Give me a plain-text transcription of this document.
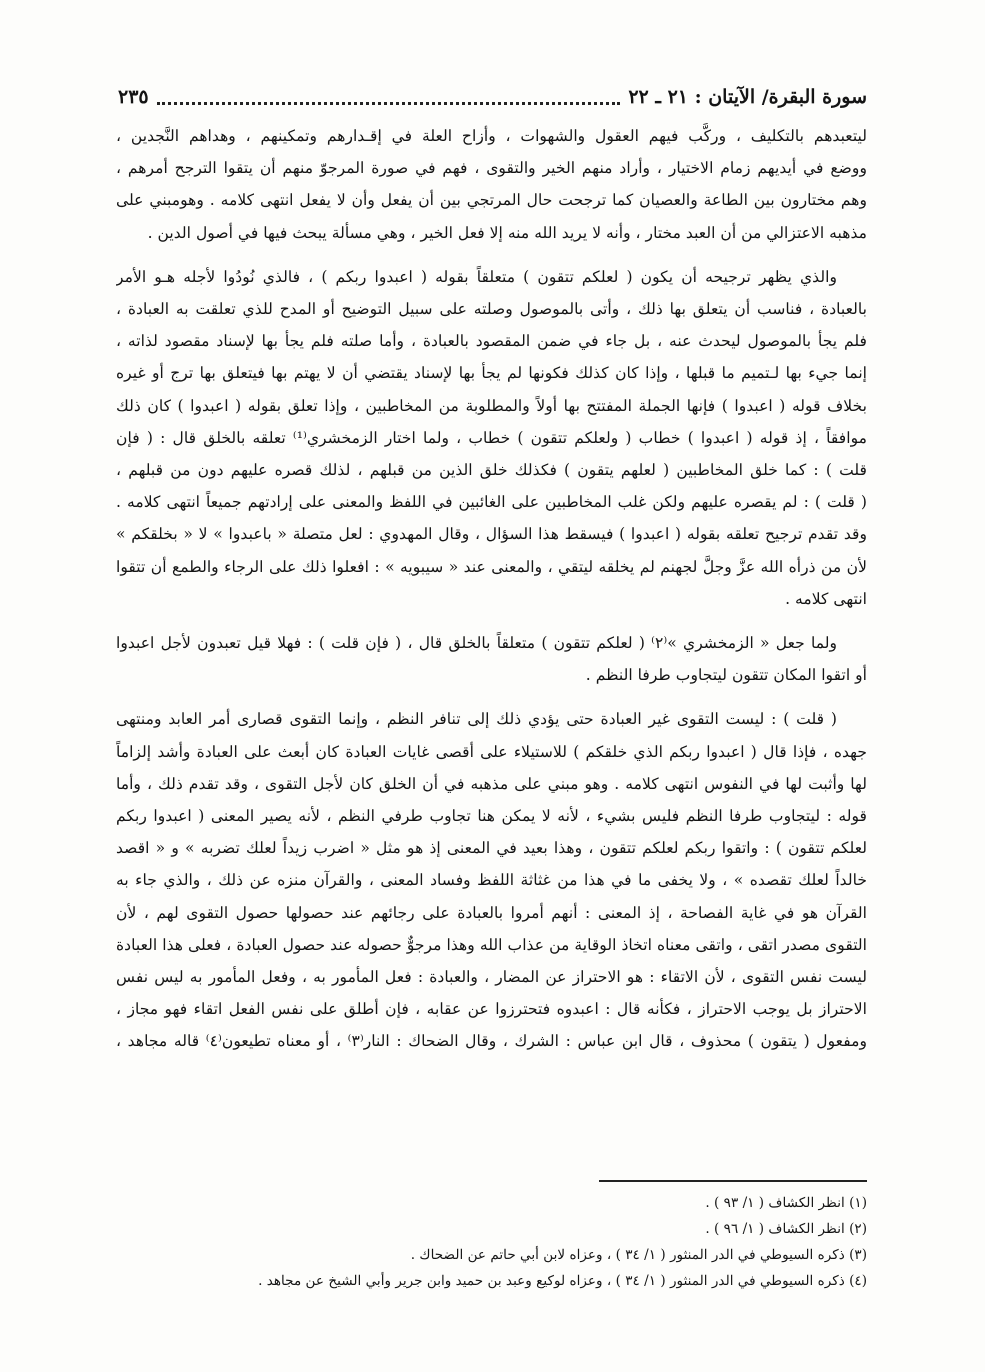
سورة البقرة/ الآيتان : ٢١ ـ ٢٢
٢٣٥

ليتعبدهم بالتكليف ، وركَّب فيهم العقول والشهوات ، وأزاح العلة في إقـدارهم وتمكينهم ، وهداهم النَّجدين ،
ووضع في أيديهم زمام الاختيار ، وأراد منهم الخير والتقوى ، فهم في صورة المرجوّ منهم أن يتقوا الترجح أمرهم ،
وهم مختارون بين الطاعة والعصيان كما ترجحت حال المرتجي بين أن يفعل وأن لا يفعل انتهى كلامه . وهومبني على
مذهبه الاعتزالي من أن العبد مختار ، وأنه لا يريد الله منه إلا فعل الخير ، وهي مسألة يبحث فيها في أصول الدين .

والذي يظهر ترجيحه أن يكون ( لعلكم تتقون ) متعلقاً بقوله ( اعبدوا ربكم ) ، فالذي نُودُوا لأجله هـو الأمر
بالعبادة ، فناسب أن يتعلق بها ذلك ، وأتى بالموصول وصلته على سبيل التوضيح أو المدح للذي تعلقت به العبادة ،
فلم يجأ بالموصول ليحدث عنه ، بل جاء في ضمن المقصود بالعبادة ، وأما صلته فلم يجأ بها لإسناد مقصود لذاته ،
إنما جيء بها لـتميم ما قبلها ، وإذا كان كذلك فكونها لم يجأ بها لإسناد يقتضي أن لا يهتم بها فيتعلق بها ترج أو غيره
بخلاف قوله ( اعبدوا ) فإنها الجملة المفتتح بها أولاً والمطلوبة من المخاطبين ، وإذا تعلق بقوله ( اعبدوا ) كان ذلك
موافقاً ، إذ قوله ( اعبدوا ) خطاب ( ولعلكم تتقون ) خطاب ، ولما اختار الزمخشري⁽¹⁾ تعلقه بالخلق قال : ( فإن
قلت ) : كما خلق المخاطبين ( لعلهم يتقون ) فكذلك خلق الذين من قبلهم ، لذلك قصره عليهم دون من قبلهم ،
( قلت ) : لم يقصره عليهم ولكن غلب المخاطبين على الغائبين في اللفظ والمعنى على إرادتهم جميعاً انتهى كلامه .
وقد تقدم ترجيح تعلقه بقوله ( اعبدوا ) فيسقط هذا السؤال ، وقال المهدوي : لعل متصلة « باعبدوا » لا « بخلقكم »
لأن من ذرأه الله عزَّ وجلَّ لجهنم لم يخلقه ليتقي ، والمعنى عند « سيبويه » : افعلوا ذلك على الرجاء والطمع أن تتقوا
انتهى كلامه .

ولما جعل « الزمخشري »⁽٢⁾ ( لعلكم تتقون ) متعلقاً بالخلق قال ، ( فإن قلت ) : فهلا قيل تعبدون لأجل اعبدوا
أو اتقوا المكان تتقون ليتجاوب طرفا النظم .

( قلت ) : ليست التقوى غير العبادة حتى يؤدي ذلك إلى تنافر النظم ، وإنما التقوى قصارى أمر العابد ومنتهى
جهده ، فإذا قال ( اعبدوا ربكم الذي خلقكم ) للاستيلاء على أقصى غايات العبادة كان أبعث على العبادة وأشد إلزاماً
لها وأثبت لها في النفوس انتهى كلامه . وهو مبني على مذهبه في أن الخلق كان لأجل التقوى ، وقد تقدم ذلك ، وأما
قوله : ليتجاوب طرفا النظم فليس بشيء ، لأنه لا يمكن هنا تجاوب طرفي النظم ، لأنه يصير المعنى ( اعبدوا ربكم
لعلكم تتقون ) : واتقوا ربكم لعلكم تتقون ، وهذا بعيد في المعنى إذ هو مثل « اضرب زيداً لعلك تضربه » و « اقصد
خالداً لعلك تقصده » ، ولا يخفى ما في هذا من غثاثة اللفظ وفساد المعنى ، والقرآن منزه عن ذلك ، والذي جاء به
القرآن هو في غاية الفصاحة ، إذ المعنى : أنهم أمروا بالعبادة على رجائهم عند حصولها حصول التقوى لهم ، لأن
التقوى مصدر اتقى ، واتقى معناه اتخاذ الوقاية من عذاب الله وهذا مرجوٌّ حصوله عند حصول العبادة ، فعلى هذا العبادة
ليست نفس التقوى ، لأن الاتقاء : هو الاحتراز عن المضار ، والعبادة : فعل المأمور به ، وفعل المأمور به ليس نفس
الاحتراز بل يوجب الاحتراز ، فكأنه قال : اعبدوه فتحترزوا عن عقابه ، فإن أطلق على نفس الفعل اتقاء فهو مجاز ،
ومفعول ( يتقون ) محذوف ، قال ابن عباس : الشرك ، وقال الضحاك : النار⁽٣⁾ ، أو معناه تطيعون⁽٤⁾ قاله مجاهد ،

(١) انظر الكشاف ( ١/ ٩٣ ) .
(٢) انظر الكشاف ( ١/ ٩٦ ) .
(٣) ذكره السيوطي في الدر المنثور ( ١/ ٣٤ ) ، وعزاه لابن أبي حاتم عن الضحاك .
(٤) ذكره السيوطي في الدر المنثور ( ١/ ٣٤ ) ، وعزاه لوكيع وعبد بن حميد وابن جرير وأبي الشيخ عن مجاهد .
